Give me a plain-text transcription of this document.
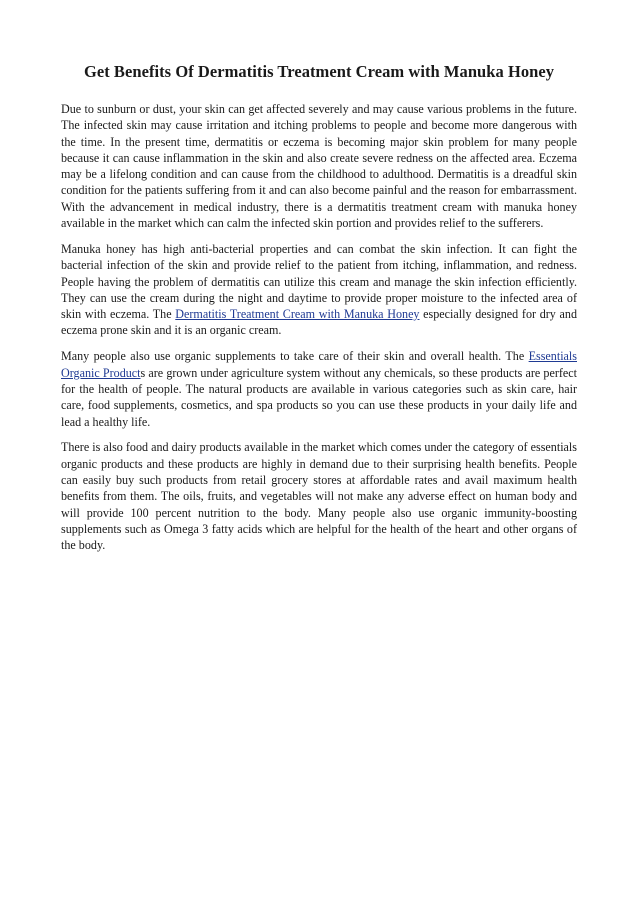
Get Benefits Of Dermatitis Treatment Cream with Manuka Honey

Due to sunburn or dust, your skin can get affected severely and may cause various problems in the future. The infected skin may cause irritation and itching problems to people and become more dangerous with the time. In the present time, dermatitis or eczema is becoming major skin problem for many people because it can cause inflammation in the skin and also create severe redness on the affected area. Eczema may be a lifelong condition and can cause from the childhood to adulthood. Dermatitis is a dreadful skin condition for the patients suffering from it and can also become painful and the reason for embarrassment. With the advancement in medical industry, there is a dermatitis treatment cream with manuka honey available in the market which can calm the infected skin portion and provides relief to the sufferers.

Manuka honey has high anti-bacterial properties and can combat the skin infection. It can fight the bacterial infection of the skin and provide relief to the patient from itching, inflammation, and redness. People having the problem of dermatitis can utilize this cream and manage the skin infection efficiently. They can use the cream during the night and daytime to provide proper moisture to the infected area of skin with eczema. The Dermatitis Treatment Cream with Manuka Honey especially designed for dry and eczema prone skin and it is an organic cream.

Many people also use organic supplements to take care of their skin and overall health. The Essentials Organic Products are grown under agriculture system without any chemicals, so these products are perfect for the health of people. The natural products are available in various categories such as skin care, hair care, food supplements, cosmetics, and spa products so you can use these products in your daily life and lead a healthy life.

There is also food and dairy products available in the market which comes under the category of essentials organic products and these products are highly in demand due to their surprising health benefits. People can easily buy such products from retail grocery stores at affordable rates and avail maximum health benefits from them. The oils, fruits, and vegetables will not make any adverse effect on human body and will provide 100 percent nutrition to the body. Many people also use organic immunity-boosting supplements such as Omega 3 fatty acids which are helpful for the health of the heart and other organs of the body.
